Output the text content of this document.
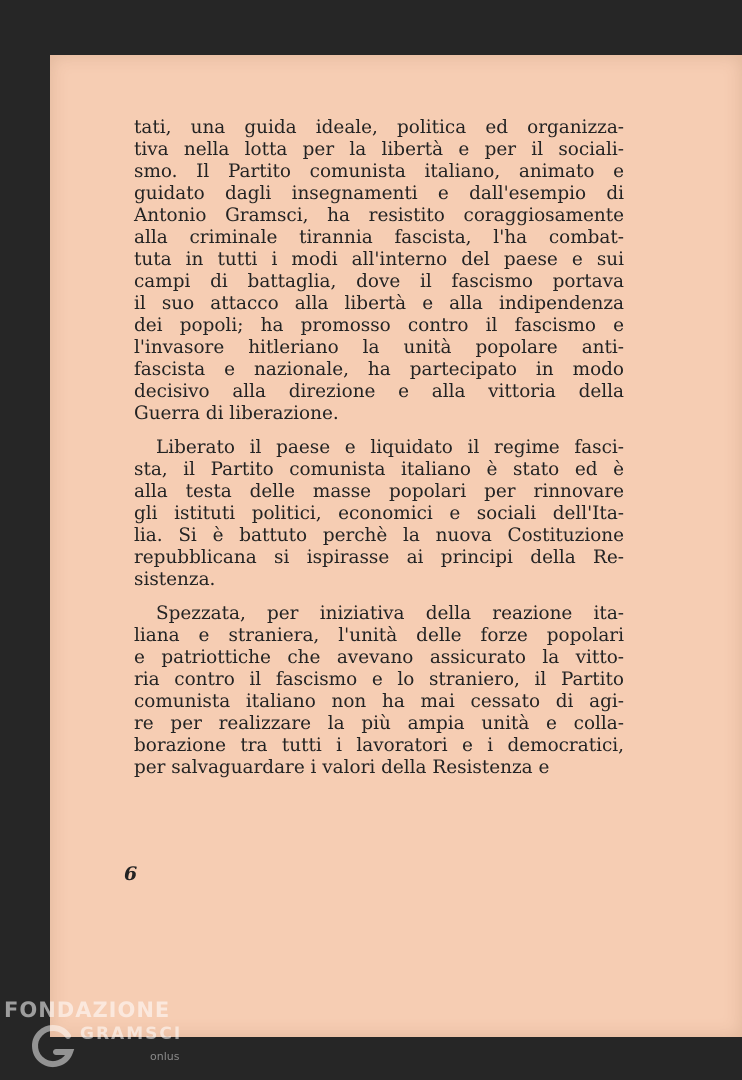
tati, una guida ideale, politica ed organizza-
tiva nella lotta per la libertà e per il sociali-
smo. Il Partito comunista italiano, animato e
guidato dagli insegnamenti e dall'esempio di
Antonio Gramsci, ha resistito coraggiosamente
alla criminale tirannia fascista, l'ha combat-
tuta in tutti i modi all'interno del paese e sui
campi di battaglia, dove il fascismo portava
il suo attacco alla libertà e alla indipendenza
dei popoli; ha promosso contro il fascismo e
l'invasore hitleriano la unità popolare anti-
fascista e nazionale, ha partecipato in modo
decisivo alla direzione e alla vittoria della
Guerra di liberazione.

Liberato il paese e liquidato il regime fasci-
sta, il Partito comunista italiano è stato ed è
alla testa delle masse popolari per rinnovare
gli istituti politici, economici e sociali dell'Ita-
lia. Si è battuto perchè la nuova Costituzione
repubblicana si ispirasse ai principi della Re-
sistenza.

Spezzata, per iniziativa della reazione ita-
liana e straniera, l'unità delle forze popolari
e patriottiche che avevano assicurato la vitto-
ria contro il fascismo e lo straniero, il Partito
comunista italiano non ha mai cessato di agi-
re per realizzare la più ampia unità e colla-
borazione tra tutti i lavoratori e i democratici,
per salvaguardare i valori della Resistenza e

6
FONDAZIONE
GRAMSCI
onlus
